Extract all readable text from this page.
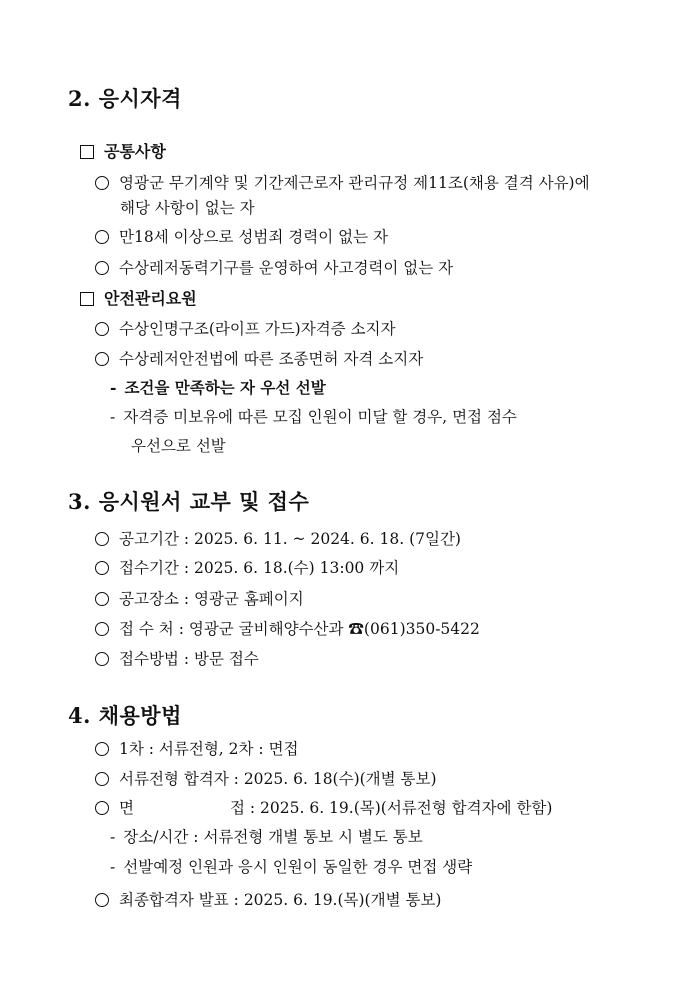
2. 응시자격
공통사항
영광군 무기계약 및 기간제근로자 관리규정 제11조(채용 결격 사유)에
해당 사항이 없는 자
만18세 이상으로 성범죄 경력이 없는 자
수상레저동력기구를 운영하여 사고경력이 없는 자
안전관리요원
수상인명구조(라이프 가드)자격증 소지자
수상레저안전법에 따른 조종면허 자격 소지자
- 조건을 만족하는 자 우선 선발
- 자격증 미보유에 따른 모집 인원이 미달 할 경우, 면접 점수
우선으로 선발
3. 응시원서 교부 및 접수
공고기간 : 2025. 6. 11. ~ 2024. 6. 18. (7일간)
접수기간 : 2025. 6. 18.(수) 13:00 까지
공고장소 : 영광군 홈페이지
접 수 처 : 영광군 굴비해양수산과 ☎(061)350-5422
접수방법 : 방문 접수
4. 채용방법
1차 : 서류전형, 2차 : 면접
서류전형 합격자 : 2025. 6. 18(수)(개별 통보)
면	접 : 2025. 6. 19.(목)(서류전형 합격자에 한함)
- 장소/시간 : 서류전형 개별 통보 시 별도 통보
- 선발예정 인원과 응시 인원이 동일한 경우 면접 생략
최종합격자 발표 : 2025. 6. 19.(목)(개별 통보)
